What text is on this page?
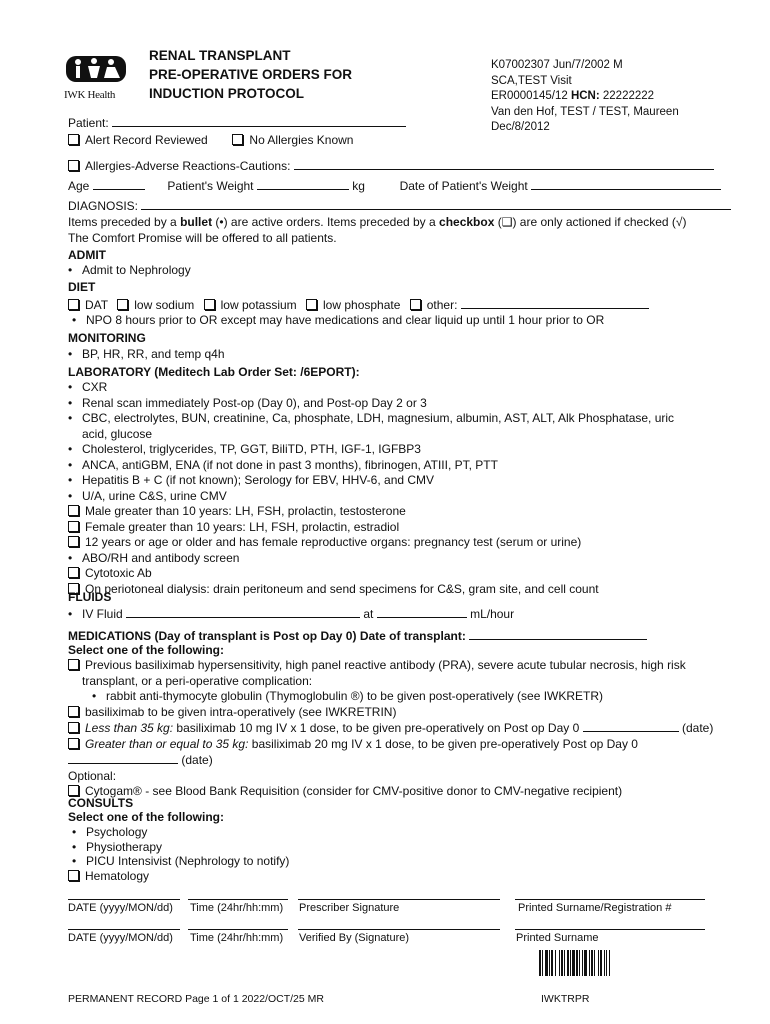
IWK Health
RENAL TRANSPLANT
PRE-OPERATIVE ORDERS FOR
INDUCTION PROTOCOL
K07002307 Jun/7/2002 M
SCA,TEST Visit
ER0000145/12 HCN: 22222222
Van den Hof, TEST / TEST, Maureen
Dec/8/2012
Patient:
Alert Record Reviewed	No Allergies Known
Allergies-Adverse Reactions-Cautions:
Age	Patient's Weight	kg	Date of Patient's Weight
DIAGNOSIS:
Items preceded by a bullet (•) are active orders. Items preceded by a checkbox (❑) are only actioned if checked (√)
The Comfort Promise will be offered to all patients.
ADMIT
• Admit to Nephrology
DIET
DAT low sodium low potassium low phosphate other:
• NPO 8 hours prior to OR except may have medications and clear liquid up until 1 hour prior to OR
MONITORING
• BP, HR, RR, and temp q4h
LABORATORY (Meditech Lab Order Set: /6EPORT):
• CXR
• Renal scan immediately Post-op (Day 0), and Post-op Day 2 or 3
• CBC, electrolytes, BUN, creatinine, Ca, phosphate, LDH, magnesium, albumin, AST, ALT, Alk Phosphatase, uric
acid, glucose
• Cholesterol, triglycerides, TP, GGT, BiliTD, PTH, IGF-1, IGFBP3
• ANCA, antiGBM, ENA (if not done in past 3 months), fibrinogen, ATIII, PT, PTT
• Hepatitis B + C (if not known); Serology for EBV, HHV-6, and CMV
• U/A, urine C&S, urine CMV
Male greater than 10 years: LH, FSH, prolactin, testosterone
Female greater than 10 years: LH, FSH, prolactin, estradiol
12 years or age or older and has female reproductive organs: pregnancy test (serum or urine)
• ABO/RH and antibody screen
Cytotoxic Ab
On periotoneal dialysis: drain peritoneum and send specimens for C&S, gram site, and cell count
FLUIDS
• IV Fluid	at	mL/hour
MEDICATIONS (Day of transplant is Post op Day 0) Date of transplant:
Select one of the following:
Previous basiliximab hypersensitivity, high panel reactive antibody (PRA), severe acute tubular necrosis, high risk
transplant, or a peri-operative complication:
• rabbit anti-thymocyte globulin (Thymoglobulin ®) to be given post-operatively (see IWKRETR)
basiliximab to be given intra-operatively (see IWKRETRIN)
Less than 35 kg: basiliximab 10 mg IV x 1 dose, to be given pre-operatively on Post op Day 0	(date)
Greater than or equal to 35 kg: basiliximab 20 mg IV x 1 dose, to be given pre-operatively Post op Day 0
(date)
Optional:
Cytogam® - see Blood Bank Requisition (consider for CMV-positive donor to CMV-negative recipient)
CONSULTS
Select one of the following:
• Psychology
• Physiotherapy
• PICU Intensivist (Nephrology to notify)
Hematology
DATE (yyyy/MON/dd) Time (24hr/hh:mm) Prescriber Signature	Printed Surname/Registration #
DATE (yyyy/MON/dd) Time (24hr/hh:mm) Verified By (Signature)	Printed Surname
PERMANENT RECORD Page 1 of 1 2022/OCT/25 MR	IWKTRPR
